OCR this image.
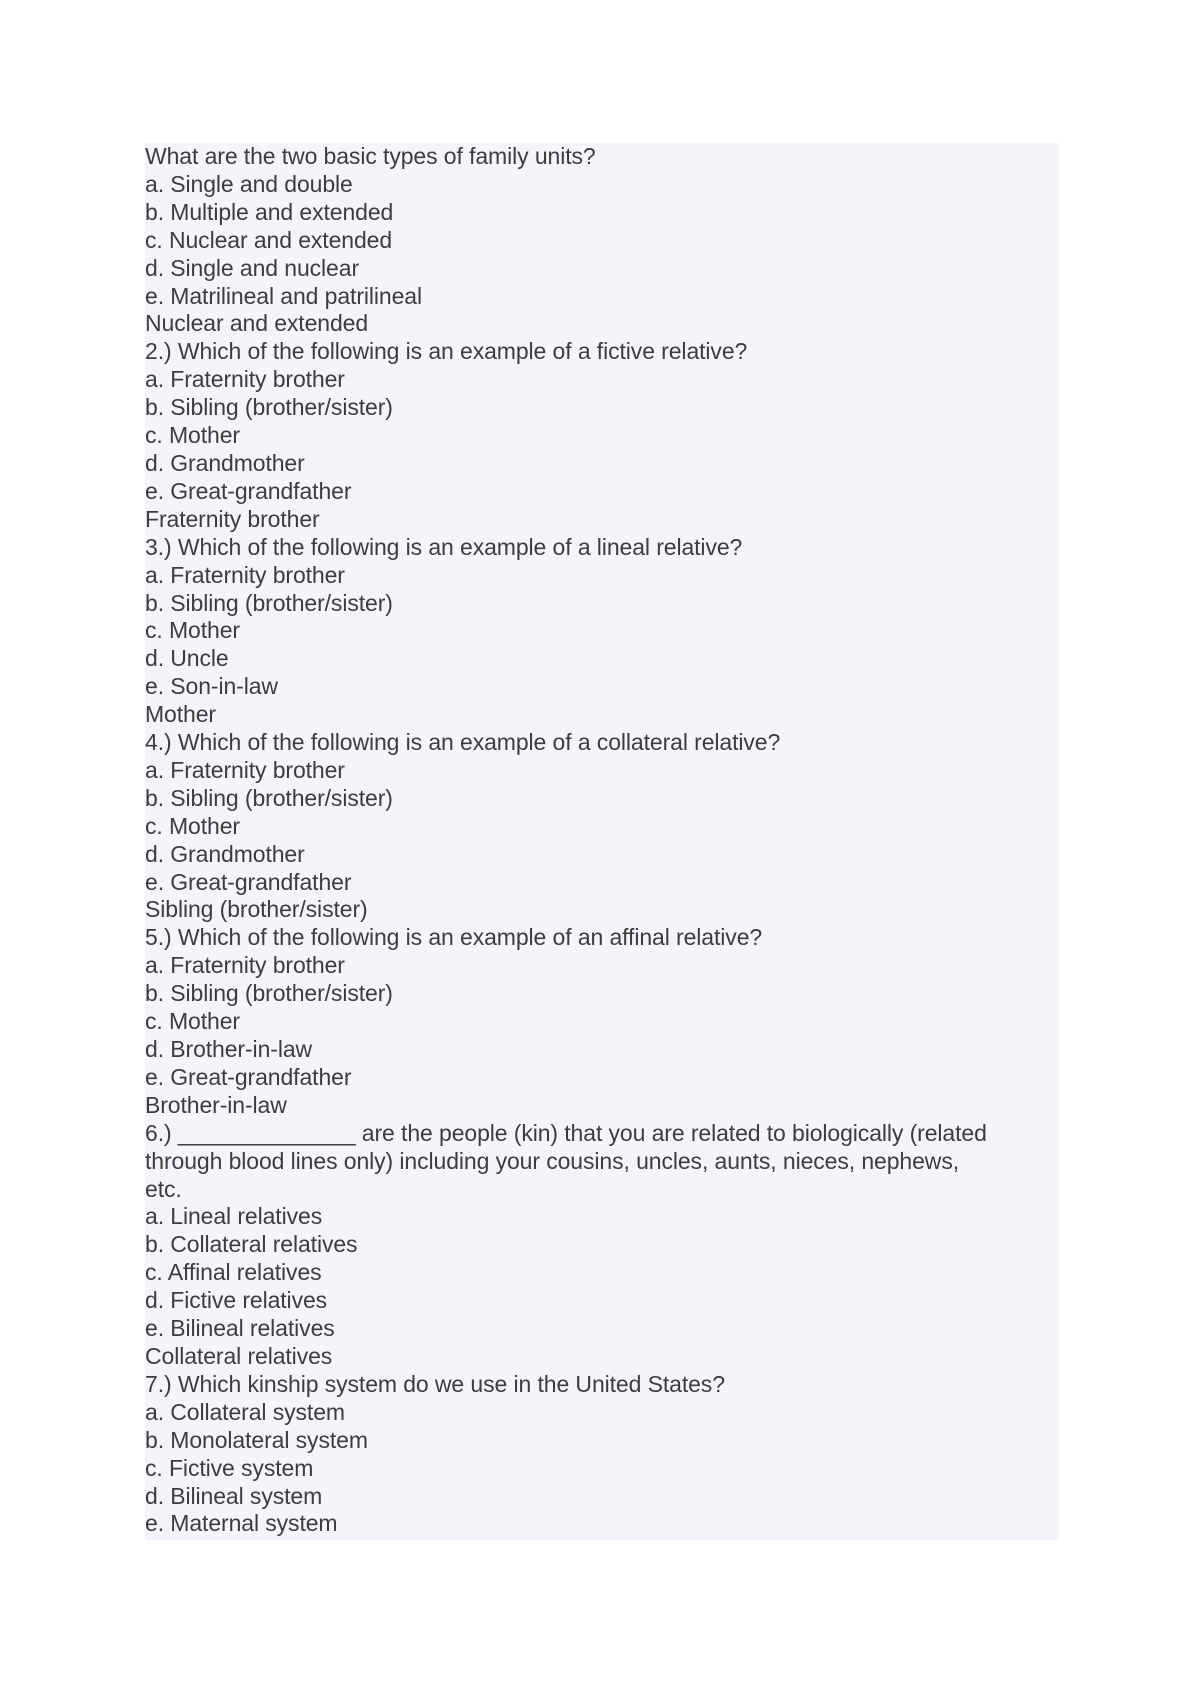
What are the two basic types of family units?
a. Single and double
b. Multiple and extended
c. Nuclear and extended
d. Single and nuclear
e. Matrilineal and patrilineal
Nuclear and extended
2.) Which of the following is an example of a fictive relative?
a. Fraternity brother
b. Sibling (brother/sister)
c. Mother
d. Grandmother
e. Great-grandfather
Fraternity brother
3.) Which of the following is an example of a lineal relative?
a. Fraternity brother
b. Sibling (brother/sister)
c. Mother
d. Uncle
e. Son-in-law
Mother
4.) Which of the following is an example of a collateral relative?
a. Fraternity brother
b. Sibling (brother/sister)
c. Mother
d. Grandmother
e. Great-grandfather
Sibling (brother/sister)
5.) Which of the following is an example of an affinal relative?
a. Fraternity brother
b. Sibling (brother/sister)
c. Mother
d. Brother-in-law
e. Great-grandfather
Brother-in-law
6.) ______________ are the people (kin) that you are related to biologically (related
through blood lines only) including your cousins, uncles, aunts, nieces, nephews,
etc.
a. Lineal relatives
b. Collateral relatives
c. Affinal relatives
d. Fictive relatives
e. Bilineal relatives
Collateral relatives
7.) Which kinship system do we use in the United States?
a. Collateral system
b. Monolateral system
c. Fictive system
d. Bilineal system
e. Maternal system
